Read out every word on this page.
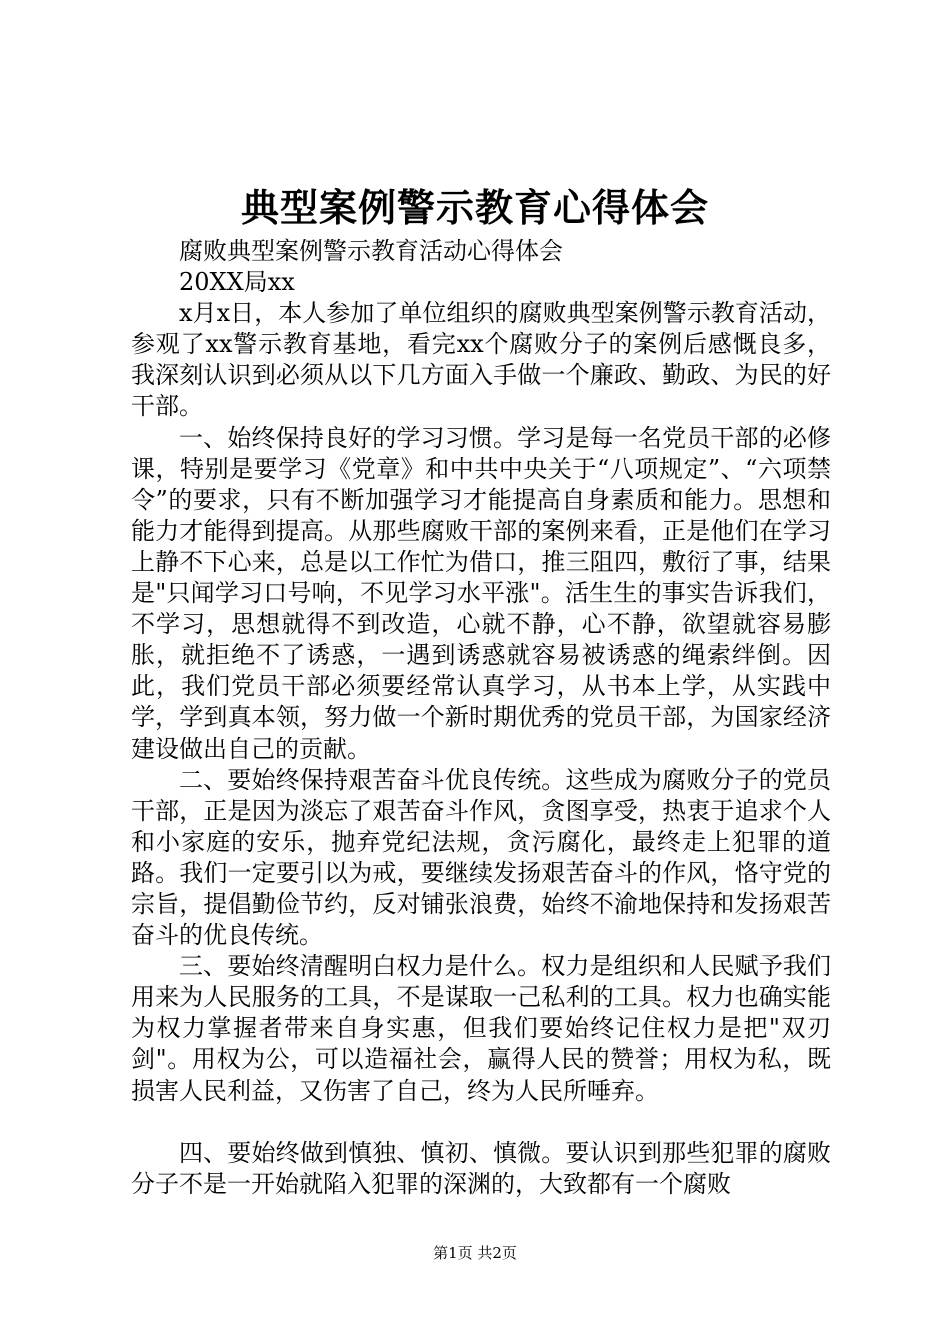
典型案例警示教育心得体会

腐败典型案例警示教育活动心得体会

20XX局xx

x月x日，本人参加了单位组织的腐败典型案例警示教育活动，参观了xx警示教育基地，看完xx个腐败分子的案例后感慨良多，我深刻认识到必须从以下几方面入手做一个廉政、勤政、为民的好干部。

一、始终保持良好的学习习惯。学习是每一名党员干部的必修课，特别是要学习《党章》和中共中央关于“八项规定”、“六项禁令”的要求，只有不断加强学习才能提高自身素质和能力。思想和能力才能得到提高。从那些腐败干部的案例来看，正是他们在学习上静不下心来，总是以工作忙为借口，推三阻四，敷衍了事，结果是"只闻学习口号响，不见学习水平涨"。活生生的事实告诉我们，不学习，思想就得不到改造，心就不静，心不静，欲望就容易膨胀，就拒绝不了诱惑，一遇到诱惑就容易被诱惑的绳索绊倒。因此，我们党员干部必须要经常认真学习，从书本上学，从实践中学，学到真本领，努力做一个新时期优秀的党员干部，为国家经济建设做出自己的贡献。

二、要始终保持艰苦奋斗优良传统。这些成为腐败分子的党员干部，正是因为淡忘了艰苦奋斗作风，贪图享受，热衷于追求个人和小家庭的安乐，抛弃党纪法规，贪污腐化，最终走上犯罪的道路。我们一定要引以为戒，要继续发扬艰苦奋斗的作风，恪守党的宗旨，提倡勤俭节约，反对铺张浪费，始终不渝地保持和发扬艰苦奋斗的优良传统。

三、要始终清醒明白权力是什么。权力是组织和人民赋予我们用来为人民服务的工具，不是谋取一己私利的工具。权力也确实能为权力掌握者带来自身实惠，但我们要始终记住权力是把"双刃剑"。用权为公，可以造福社会，赢得人民的赞誉；用权为私，既损害人民利益，又伤害了自己，终为人民所唾弃。

四、要始终做到慎独、慎初、慎微。要认识到那些犯罪的腐败分子不是一开始就陷入犯罪的深渊的，大致都有一个腐败

第1页 共2页
